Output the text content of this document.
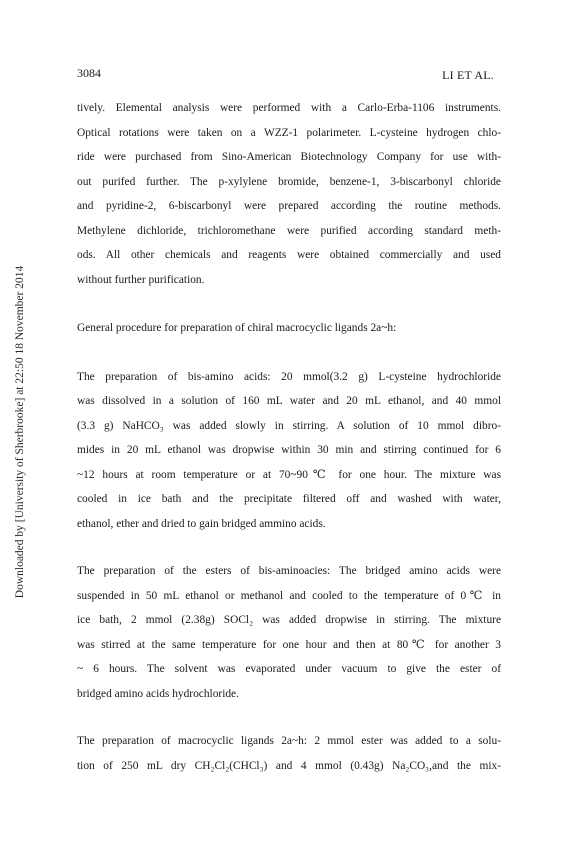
3084	LI ET AL.
Downloaded by [University of Sherbrooke] at 22:50 18 November 2014

tively. Elemental analysis were performed with a Carlo-Erba-1106 instruments.
Optical rotations were taken on a WZZ-1 polarimeter. L-cysteine hydrogen chlo-
ride were purchased from Sino-American Biotechnology Company for use with-
out purifed further. The p-xylylene bromide, benzene-1, 3-biscarbonyl chloride
and pyridine-2, 6-biscarbonyl were prepared according the routine methods.
Methylene dichloride, trichloromethane were purified according standard meth-
ods. All other chemicals and reagents were obtained commercially and used
without further purification.

General procedure for preparation of chiral macrocyclic ligands 2a~h:

The preparation of bis-amino acids: 20 mmol(3.2 g) L-cysteine hydrochloride
was dissolved in a solution of 160 mL water and 20 mL ethanol, and 40 mmol
(3.3 g) NaHCO₃ was added slowly in stirring. A solution of 10 mmol dibro-
mides in 20 mL ethanol was dropwise within 30 min and stirring continued for 6
~12 hours at room temperature or at 70~90℃ for one hour. The mixture was
cooled in ice bath and the precipitate filtered off and washed with water,
ethanol, ether and dried to gain bridged ammino acids.

The preparation of the esters of bis-aminoacies: The bridged amino acids were
suspended in 50 mL ethanol or methanol and cooled to the temperature of 0℃ in
ice bath, 2 mmol (2.38g) SOCl₂ was added dropwise in stirring. The mixture
was stirred at the same temperature for one hour and then at 80℃ for another 3
~ 6 hours. The solvent was evaporated under vacuum to give the ester of
bridged amino acids hydrochloride.

The preparation of macrocyclic ligands 2a~h: 2 mmol ester was added to a solu-
tion of 250 mL dry CH₂Cl₂(CHCl₃) and 4 mmol (0.43g) Na₂CO₃,and the mix-
